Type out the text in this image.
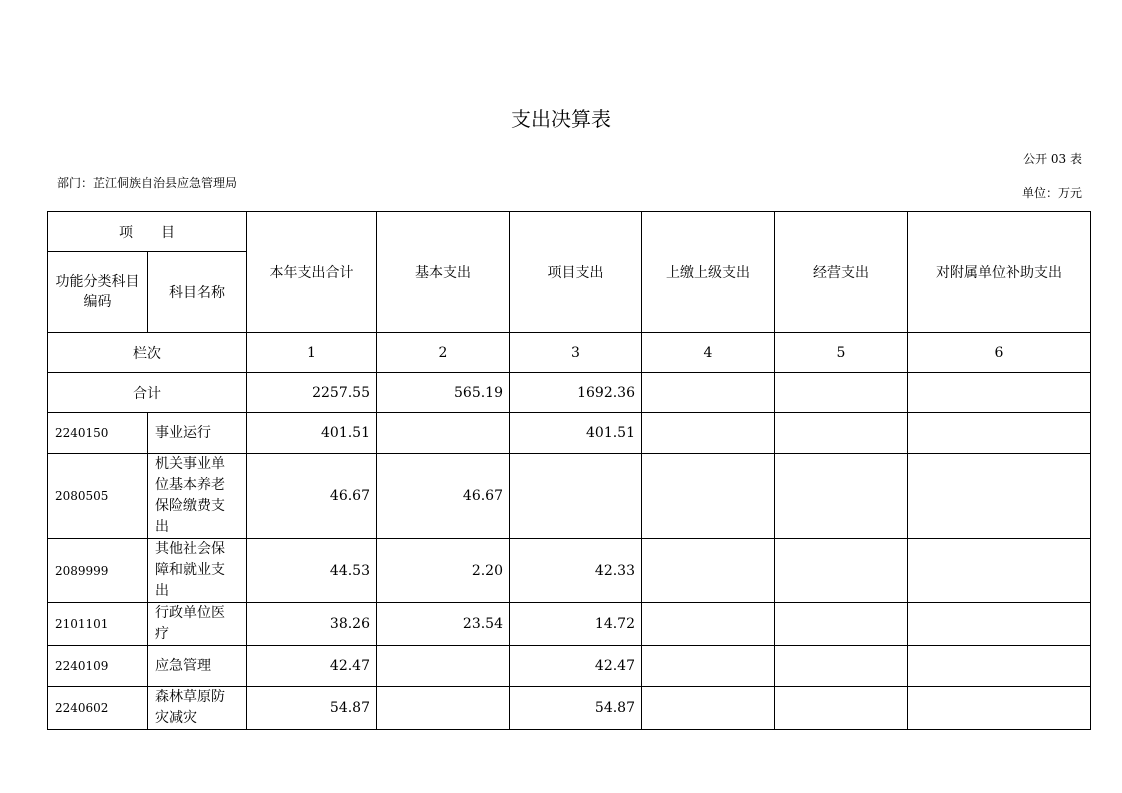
支出决算表
公开 03 表
部门：芷江侗族自治县应急管理局
单位：万元
项　　目		本年支出合计	基本支出	项目支出	上缴上级支出	经营支出	对附属单位补助支出
功能分类科目编码	科目名称						
栏次		1	2	3	4	5	6
合计		2257.55	565.19	1692.36			
2240150	事业运行	401.51		401.51			
2080505	机关事业单位基本养老保险缴费支出	46.67	46.67				
2089999	其他社会保障和就业支出	44.53	2.20	42.33			
2101101	行政单位医疗	38.26	23.54	14.72			
2240109	应急管理	42.47		42.47			
2240602	森林草原防灾减灾	54.87		54.87			
